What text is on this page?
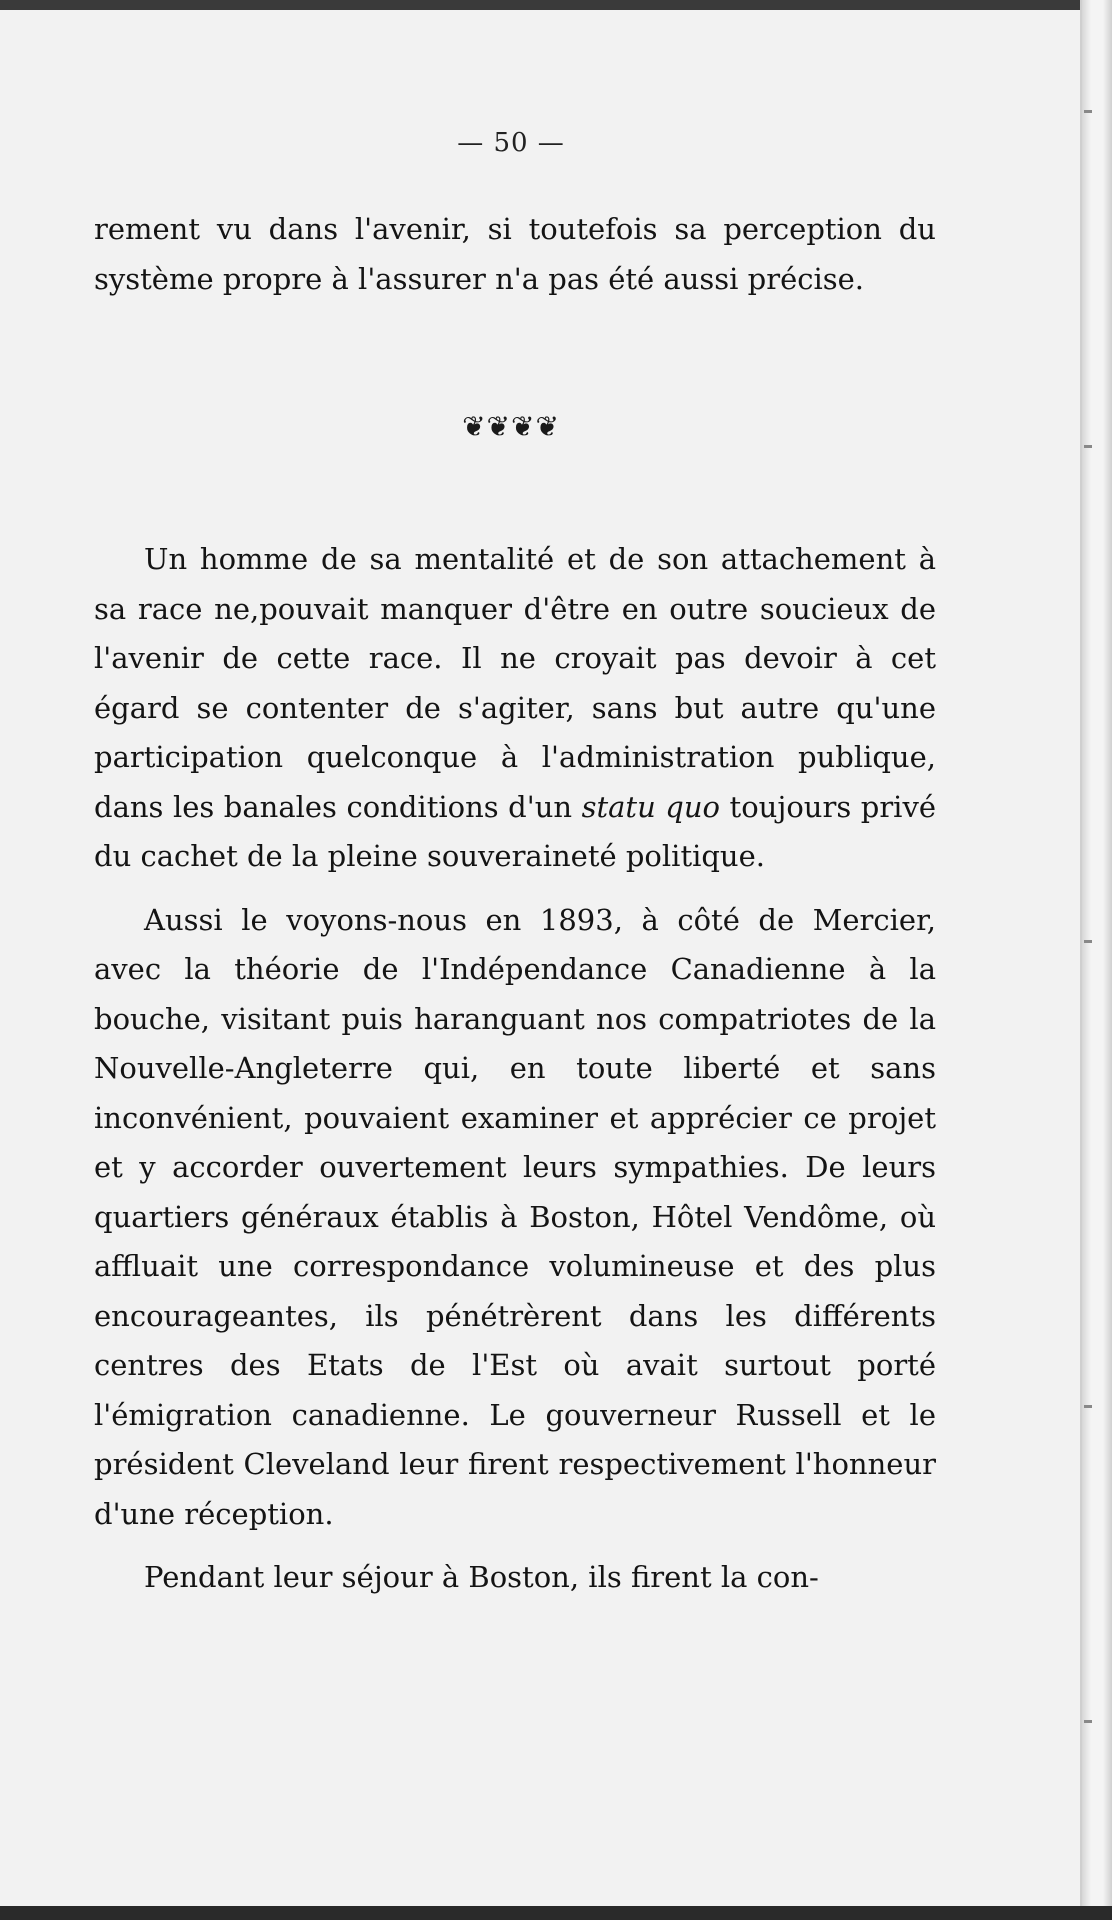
— 50 —

rement vu dans l'avenir, si toutefois sa perception du système propre à l'assurer n'a pas été aussi précise.

❦❦❦❦

Un homme de sa mentalité et de son attachement à sa race ne,pouvait manquer d'être en outre soucieux de l'avenir de cette race. Il ne croyait pas devoir à cet égard se contenter de s'agiter, sans but autre qu'une participation quelconque à l'administration publique, dans les banales conditions d'un statu quo toujours privé du cachet de la pleine souveraineté politique.

Aussi le voyons-nous en 1893, à côté de Mercier, avec la théorie de l'Indépendance Canadienne à la bouche, visitant puis haranguant nos compatriotes de la Nouvelle-Angleterre qui, en toute liberté et sans inconvénient, pouvaient examiner et apprécier ce projet et y accorder ouvertement leurs sympathies. De leurs quartiers généraux établis à Boston, Hôtel Vendôme, où affluait une correspondance volumineuse et des plus encourageantes, ils pénétrèrent dans les différents centres des Etats de l'Est où avait surtout porté l'émigration canadienne. Le gouverneur Russell et le président Cleveland leur firent respectivement l'honneur d'une réception.

Pendant leur séjour à Boston, ils firent la con-
